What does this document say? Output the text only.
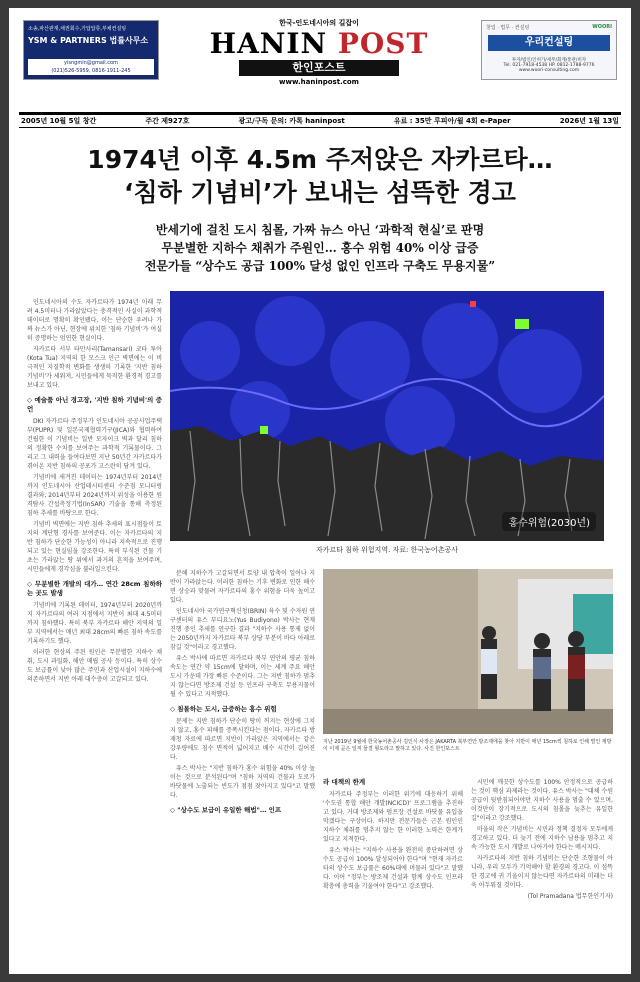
소송,파산관재,채권회수,가압압류,부채컨설팅
YSM & PARTNERS 법률사무소
yisngmin@gmail.com
(021)526-5959, 0816-1911-245
한국-인도네시아의 길잡이
HANIN POST
한인포스트
www.haninpost.com
창업 · 법무 · 컨설팅	WOORI
우리컨설팅
투자/법인/인허가/세무/회계/통관/비자
Tel. 021-7918-4538 HP. 0812-1788-9776
www.woori-consulting.com
2005년 10월 5일 창간	주간 제927호	광고/구독 문의: 카톡 haninpost	유료 : 35만 루피아/월 4회 e-Paper	2026년 1월 13일
1974년 이후 4.5m 주저앉은 자카르타…
‘침하 기념비’가 보내는 섬뜩한 경고
반세기에 걸친 도시 침몰, 가짜 뉴스 아닌 ‘과학적 현실’로 판명
무분별한 지하수 채취가 주원인… 홍수 위험 40% 이상 급증
전문가들 “상수도 공급 100% 달성 없인 인프라 구축도 무용지물”

인도네시아의 수도 자카르타가 1974년 이래 무려 4.5미터나 가라앉았다는 충격적인 사실이 과학적 데이터로 명확히 확인됐다. 이는 단순한 우려나 가짜 뉴스가 아닌, 현장에 위치한 '침하 기념비'가 여실히 증명하는 엄연한 현실이다.

자카르타 서부 타만사리(Tamansari) 코타 투아(Kota Tua) 지역의 한 모스크 인근 벽면에는 이 비극적인 지질학적 변화를 생생히 기록한 '지반 침하 기념비'가 세워져, 시민들에게 묵직한 환경적 경고를 보내고 있다.

◇ 예술품 아닌 경고장, '지반 침하 기념비'의 증언

DKI 자카르타 주정부가 인도네시아 공공사업주택부(PUPR) 및 일본국제협력기구(JICA)와 협력하여 건립한 이 기념비는 일반 모자이크 벽과 달리 침하의 정확한 수치를 보여주는 과학적 기록물이다. 그리고 그 내력을 들여다보면 지난 50년간 자카르타가 겪어온 지반 침하의 공포가 고스란히 담겨 있다.

기념비에 새겨진 데이터는 1974년부터 2014년까지 인도네시아 산업테시티센터 수준점 모니터링 결과와, 2014년부터 2024년까지 위성을 이용한 원격탐사 간섭측정기법(InSAR) 기술을 통해 측정된 침하 추세를 바탕으로 한다.

기념비 벽면에는 지반 침하 추세의 표시점들이 토지의 계단형 경사를 보여준다. 이는 자카르타의 지반 침하가 단순한 가능성이 아니라 지속적으로 진행되고 있는 현실임을 강조한다. 특히 부식된 건물 기초는 가라앉는 땅 위에서 과거의 흔적을 보여주며, 시민들에게 경각심을 불러일으킨다.

◇ 무분별한 개발의 대가… 연간 28cm 침하하는 곳도 발생

기념비에 기록된 데이터, 1974년부터 2020년까지 자카르타의 여러 지점에서 지반이 최대 4.5미터까지 침하했다. 특히 북부 자카르타 해안 지역의 일부 지역에서는 매년 최대 28cm의 빠른 침하 속도를 기록하기도 했다.

이러한 현상의 주된 원인은 무분별한 지하수 채취, 도시 과밀화, 해안 매립 공사 등이다. 특히 상수도 보급률이 낮아 많은 주민과 산업시설이 지하수에 의존하면서 지반 아래 대수층이 고갈되고 있다.

홍수위험(2030년)
자카르타 침하 위험지역. 자료: 한국농어촌공사

분해 지하수가 고갈되면서 토양 내 압축이 일어나 지반이 가라앉는다. 이러한 침하는 기후 변화로 인한 해수면 상승과 맞물려 자카르타의 홍수 위험을 더욱 높이고 있다.

인도네시아 국가연구혁신청(BRIN) 육수 및 수자원 연구센터의 유스 부디요노(Yus Budiyono) 박사는 현재 진행 중인 추세를 연구한 결과 "지하수 사용 통제 없이는 2050년까지 자카르타 북부 상당 부분이 바다 아래로 잠길 것"이라고 경고했다.

유스 박사에 따르면 자카르타 북부 연안의 평균 침하 속도는 연간 약 15cm에 달하며, 이는 세계 주요 해안 도시 가운데 가장 빠른 수준이다. 그는 지반 침하가 멈추지 않는다면 방조제 건설 등 인프라 구축도 무용지물이 될 수 있다고 지적했다.

◇ 침몰하는 도시, 급증하는 홍수 위험

문제는 지반 침하가 단순히 땅이 꺼지는 현상에 그치지 않고, 홍수 피해를 증폭시킨다는 점이다. 자카르타 방재청 자료에 따르면 지반이 가라앉은 지역에서는 같은 강우량에도 침수 면적이 넓어지고 배수 시간이 길어진다.

유스 박사는 "지반 침하가 홍수 위험을 40% 이상 높이는 것으로 분석된다"며 "침하 지역의 건물과 도로가 바닷물에 노출되는 빈도가 점점 잦아지고 있다"고 말했다.

◇ "상수도 보급이 유일한 해법"… 인프
지난 2019년 9월에 한국농어촌공사 김인식 사장은 JAKARTA 북부연안 방조제에을 찾아 지반이 매년 15cm씩 침하로 인해 벌인 제방이 이제 곧은 일직 물결 형도라고 말하고 있다. 사진 한인포스트
라 대책의 한계

자카르타 주정부는 이러한 위기에 대응하기 위해 '수도권 통합 해안 개발(NCICD)' 프로그램을 추진하고 있다. 거대 방조제와 펌프장 건설로 바닷물 유입을 막겠다는 구상이다. 하지만 전문가들은 근본 원인인 지하수 채취를 멈추지 않는 한 이러한 노력은 한계가 있다고 지적한다.

유스 박사는 "지하수 사용을 완전히 중단하려면 상수도 공급이 100% 달성되어야 한다"며 "현재 자카르타의 상수도 보급률은 60%대에 머물러 있다"고 말했다. 이어 "정부는 방조제 건설과 함께 상수도 인프라 확충에 총력을 기울여야 한다"고 강조했다.

시민에 깨끗한 상수도를 100% 안정적으로 공급하는 것이 핵심 과제라는 것이다. 유스 박사는 "대체 수원 공급이 뒷받침되어야만 지하수 사용을 멈출 수 있으며, 이것만이 장기적으로 도시의 침몰을 늦추는 유일한 길"이라고 강조했다.

마을의 작은 기념비는 시민과 정책 결정자 모두에게 경고하고 있다. 더 늦기 전에 지하수 남용을 멈추고 지속 가능한 도시 개발로 나아가야 한다는 메시지다.

자카르타의 지반 침하 기념비는 단순한 조형물이 아니라, 우리 모두가 기억해야 할 환경의 경고다. 이 섬뜩한 경고에 귀 기울이지 않는다면 자카르타의 미래는 더욱 어두워질 것이다.

(Tol Pramadana 법무한인기자)
